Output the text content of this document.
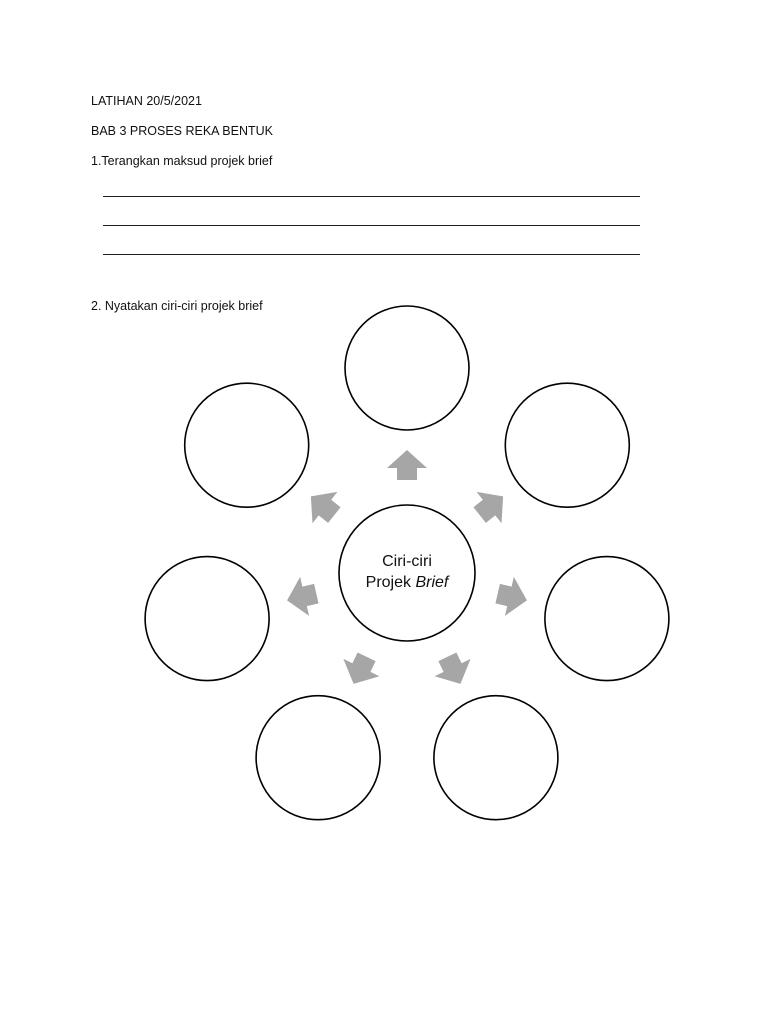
LATIHAN 20/5/2021
BAB 3 PROSES REKA BENTUK
1.Terangkan maksud projek brief
2. Nyatakan ciri-ciri projek brief
Ciri-ciri
Projek Brief
